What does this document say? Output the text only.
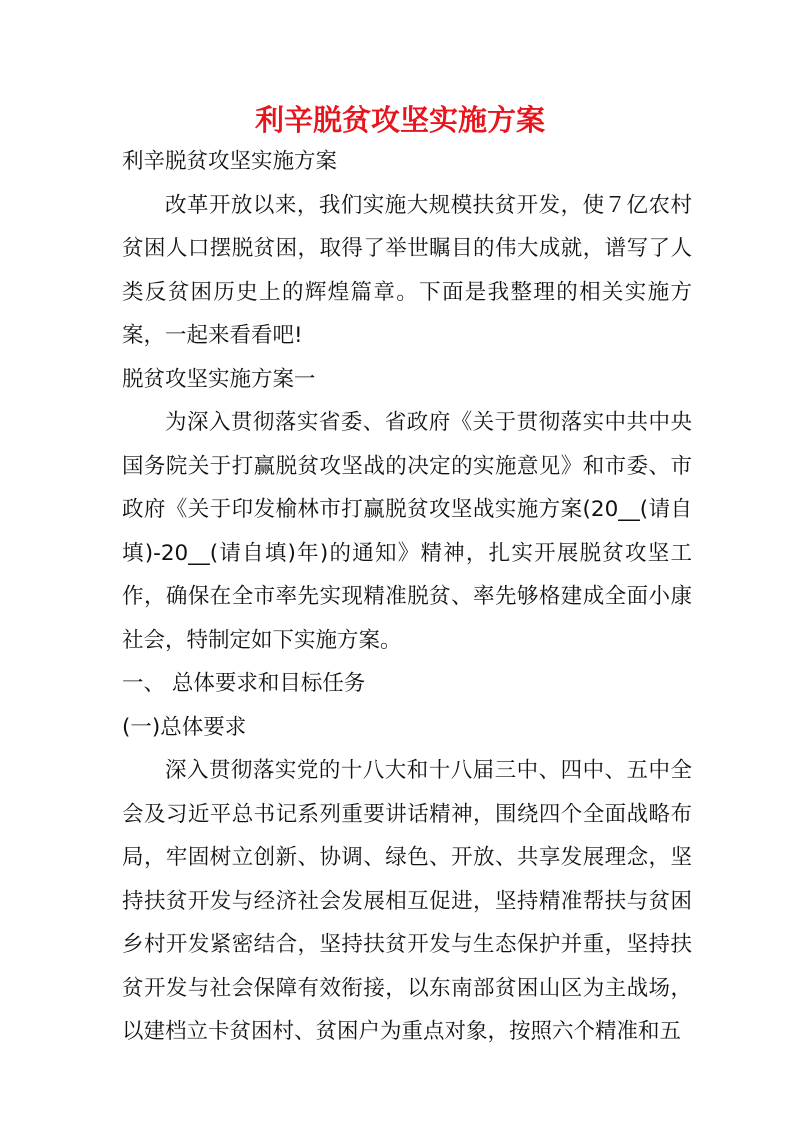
利辛脱贫攻坚实施方案

利辛脱贫攻坚实施方案

改革开放以来，我们实施大规模扶贫开发，使７亿农村贫困人口摆脱贫困，取得了举世瞩目的伟大成就，谱写了人类反贫困历史上的辉煌篇章。下面是我整理的相关实施方案，一起来看看吧!

脱贫攻坚实施方案一

为深入贯彻落实省委、省政府《关于贯彻落实中共中央国务院关于打赢脱贫攻坚战的决定的实施意见》和市委、市政府《关于印发榆林市打赢脱贫攻坚战实施方案(20__(请自填)-20__(请自填)年)的通知》精神，扎实开展脱贫攻坚工作，确保在全市率先实现精准脱贫、率先够格建成全面小康社会，特制定如下实施方案。

一、 总体要求和目标任务

(一)总体要求

深入贯彻落实党的十八大和十八届三中、四中、五中全会及习近平总书记系列重要讲话精神，围绕四个全面战略布局，牢固树立创新、协调、绿色、开放、共享发展理念，坚持扶贫开发与经济社会发展相互促进，坚持精准帮扶与贫困乡村开发紧密结合，坚持扶贫开发与生态保护并重，坚持扶贫开发与社会保障有效衔接，以东南部贫困山区为主战场，以建档立卡贫困村、贫困户为重点对象，按照六个精准和五
